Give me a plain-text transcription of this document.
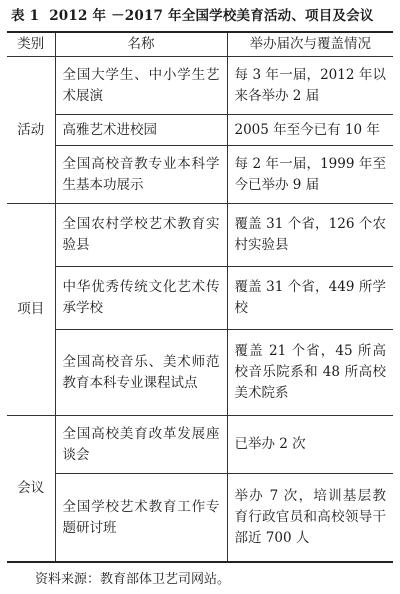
表 1 2012 年 －2017 年全国学校美育活动、项目及会议
类别	名称	举办届次与覆盖情况
活动	全国大学生、中小学生艺术展演	每 3 年一届，2012 年以来各举办 2 届
	高雅艺术进校园	2005 年至今已有 10 年
	全国高校音教专业本科学生基本功展示	每 2 年一届，1999 年至今已举办 9 届
项目	全国农村学校艺术教育实验县	覆盖 31 个省，126 个农村实验县
	中华优秀传统文化艺术传承学校	覆盖 31 个省，449 所学校
	全国高校音乐、美术师范教育本科专业课程试点	覆盖 21 个省，45 所高校音乐院系和 48 所高校美术院系
会议	全国高校美育改革发展座谈会	已举办 2 次
	全国学校艺术教育工作专题研讨班	举办 7 次，培训基层教育行政官员和高校领导干部近 700 人
资料来源：教育部体卫艺司网站。
